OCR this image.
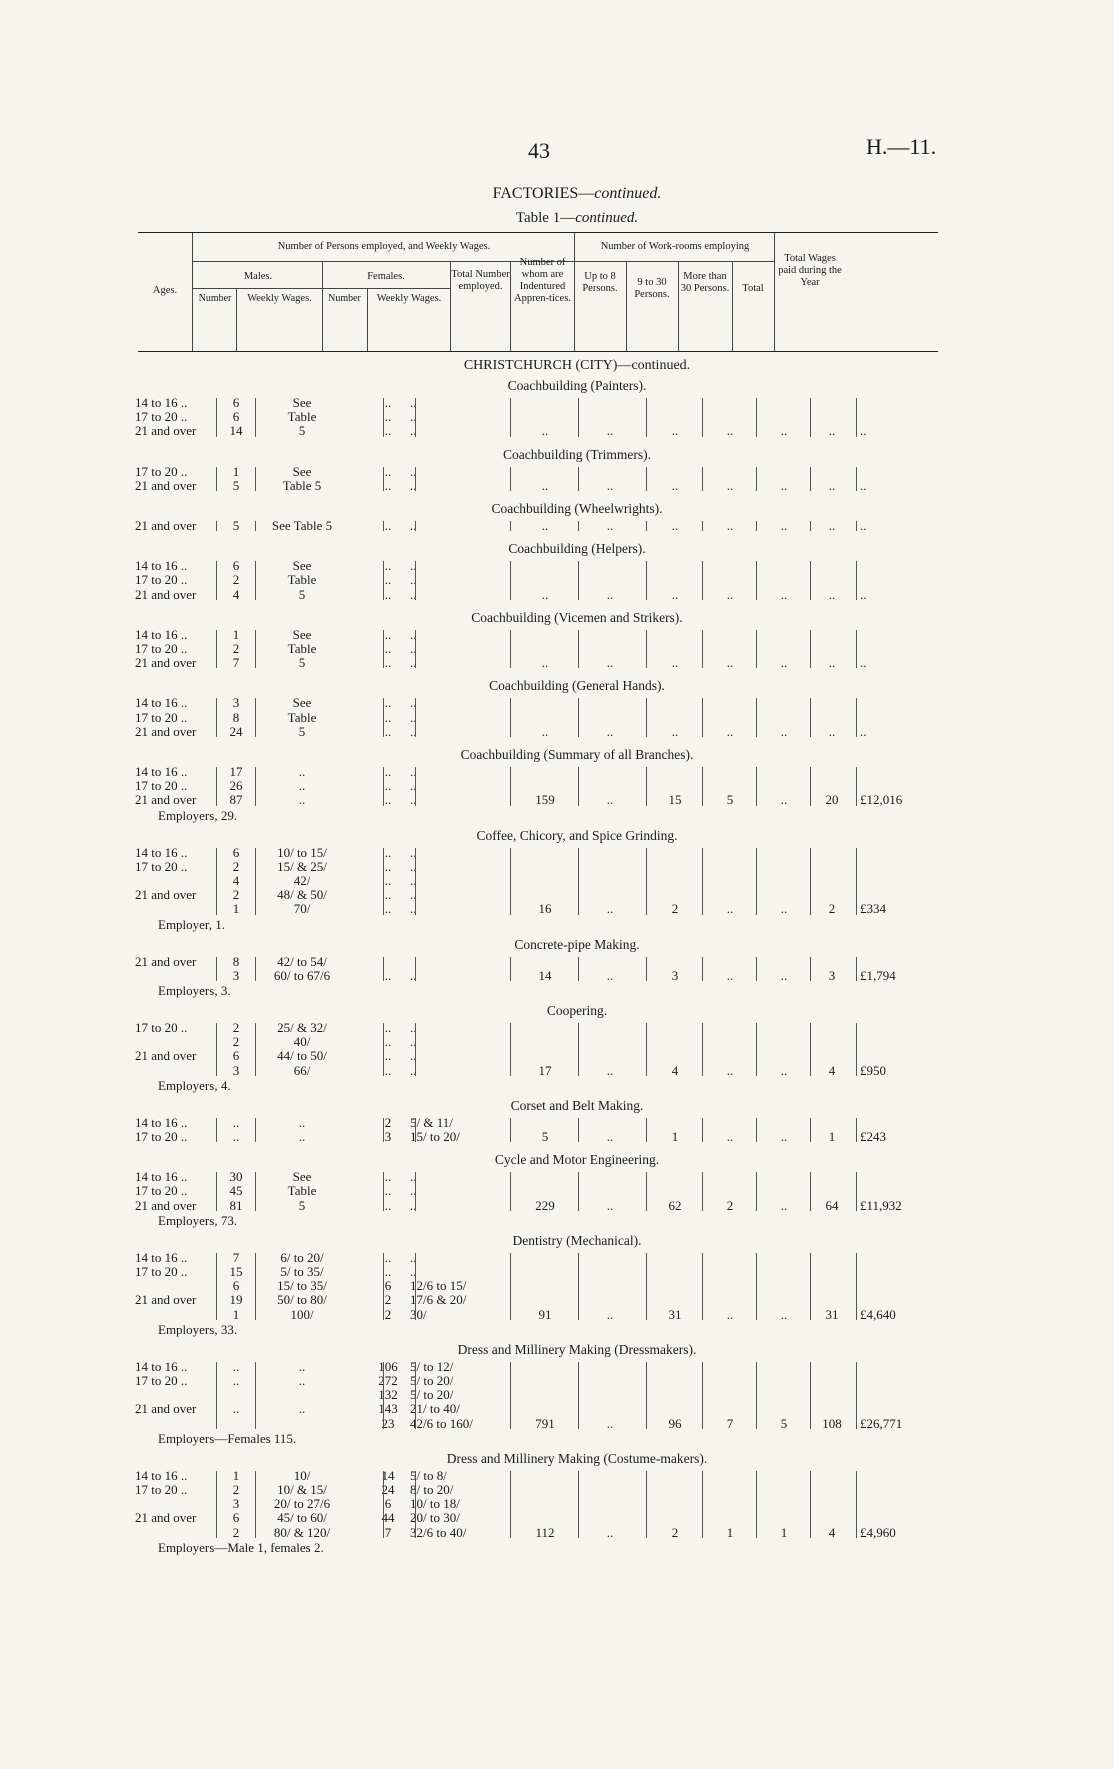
43	H.—11.
FACTORIES—continued.
Table 1—continued.
Ages.
Number of Persons employed, and Weekly Wages.
Males.	Females.
Number	Weekly Wages.	Number	Weekly Wages.
Total Number employed.
Number of whom are Indentured Appren-tices.
Number of Work-rooms employing
Up to 8 Persons.
9 to 30 Persons.
More than 30 Persons.	Total
Total Wages paid during the Year
CHRISTCHURCH (CITY)—continued.
Coachbuilding (Painters).
14 to 16 ..	6	See	..	..
17 to 20 ..	6	Table	..	..
21 and over	14	5	..	..	..	..	..	..	..	..	..
Coachbuilding (Trimmers).
17 to 20 ..	1	See	..	..
21 and over	5	Table 5	..	..	..	..	..	..	..	..	..
Coachbuilding (Wheelwrights).
21 and over	5	See Table 5	..	..	..	..	..	..	..	..	..
Coachbuilding (Helpers).
14 to 16 ..	6	See	..	..
17 to 20 ..	2	Table	..	..
21 and over	4	5	..	..	..	..	..	..	..	..	..
Coachbuilding (Vicemen and Strikers).
14 to 16 ..	1	See	..	..
17 to 20 ..	2	Table	..	..
21 and over	7	5	..	..	..	..	..	..	..	..	..
Coachbuilding (General Hands).
14 to 16 ..	3	See	..	..
17 to 20 ..	8	Table	..	..
21 and over	24	5	..	..	..	..	..	..	..	..	..
Coachbuilding (Summary of all Branches).
14 to 16 ..	17	..	..	..
17 to 20 ..	26	..	..	..
21 and over	87	..	..	..	159	..	15	5	..	20	£12,016
Employers, 29.
Coffee, Chicory, and Spice Grinding.
14 to 16 ..	6	10/ to 15/	..	..
17 to 20 ..	2	15/ & 25/	..	..
4	42/	..	..
21 and over	2	48/ & 50/	..	..
1	70/	..	..	16	..	2	..	..	2	£334
Employer, 1.
Concrete-pipe Making.
21 and over	8	42/ to 54/
3	60/ to 67/6	..	..	14	..	3	..	..	3	£1,794
Employers, 3.
Coopering.
17 to 20 ..	2	25/ & 32/	..	..
2	40/	..	..
21 and over	6	44/ to 50/	..	..
3	66/	..	..	17	..	4	..	..	4	£950
Employers, 4.
Corset and Belt Making.
14 to 16 ..	..	..	2	5/ & 11/
17 to 20 ..	..	..	3	15/ to 20/	5	..	1	..	..	1	£243
Cycle and Motor Engineering.
14 to 16 ..	30	See	..	..
17 to 20 ..	45	Table	..	..
21 and over	81	5	..	..	229	..	62	2	..	64	£11,932
Employers, 73.
Dentistry (Mechanical).
14 to 16 ..	7	6/ to 20/	..	..
17 to 20 ..	15	5/ to 35/	..	..
6	15/ to 35/	6	12/6 to 15/
21 and over	19	50/ to 80/	2	17/6 & 20/
1	100/	2	30/	91	..	31	..	..	31	£4,640
Employers, 33.
Dress and Millinery Making (Dressmakers).
14 to 16 ..	..	..	106 5/ to 12/
17 to 20 ..	..	..	272 5/ to 20/
132 5/ to 20/
21 and over	..	..	143 21/ to 40/
23	42/6 to 160/	791	..	96	7	5	108	£26,771
Employers—Females 115.
Dress and Millinery Making (Costume-makers).
14 to 16 ..	1	10/	14	5/ to 8/
17 to 20 ..	2	10/ & 15/	24	8/ to 20/
3	20/ to 27/6	6	10/ to 18/
21 and over	6	45/ to 60/	44	20/ to 30/
2	80/ & 120/	7	32/6 to 40/	112	..	2	1	1	4	£4,960
Employers—Male 1, females 2.
